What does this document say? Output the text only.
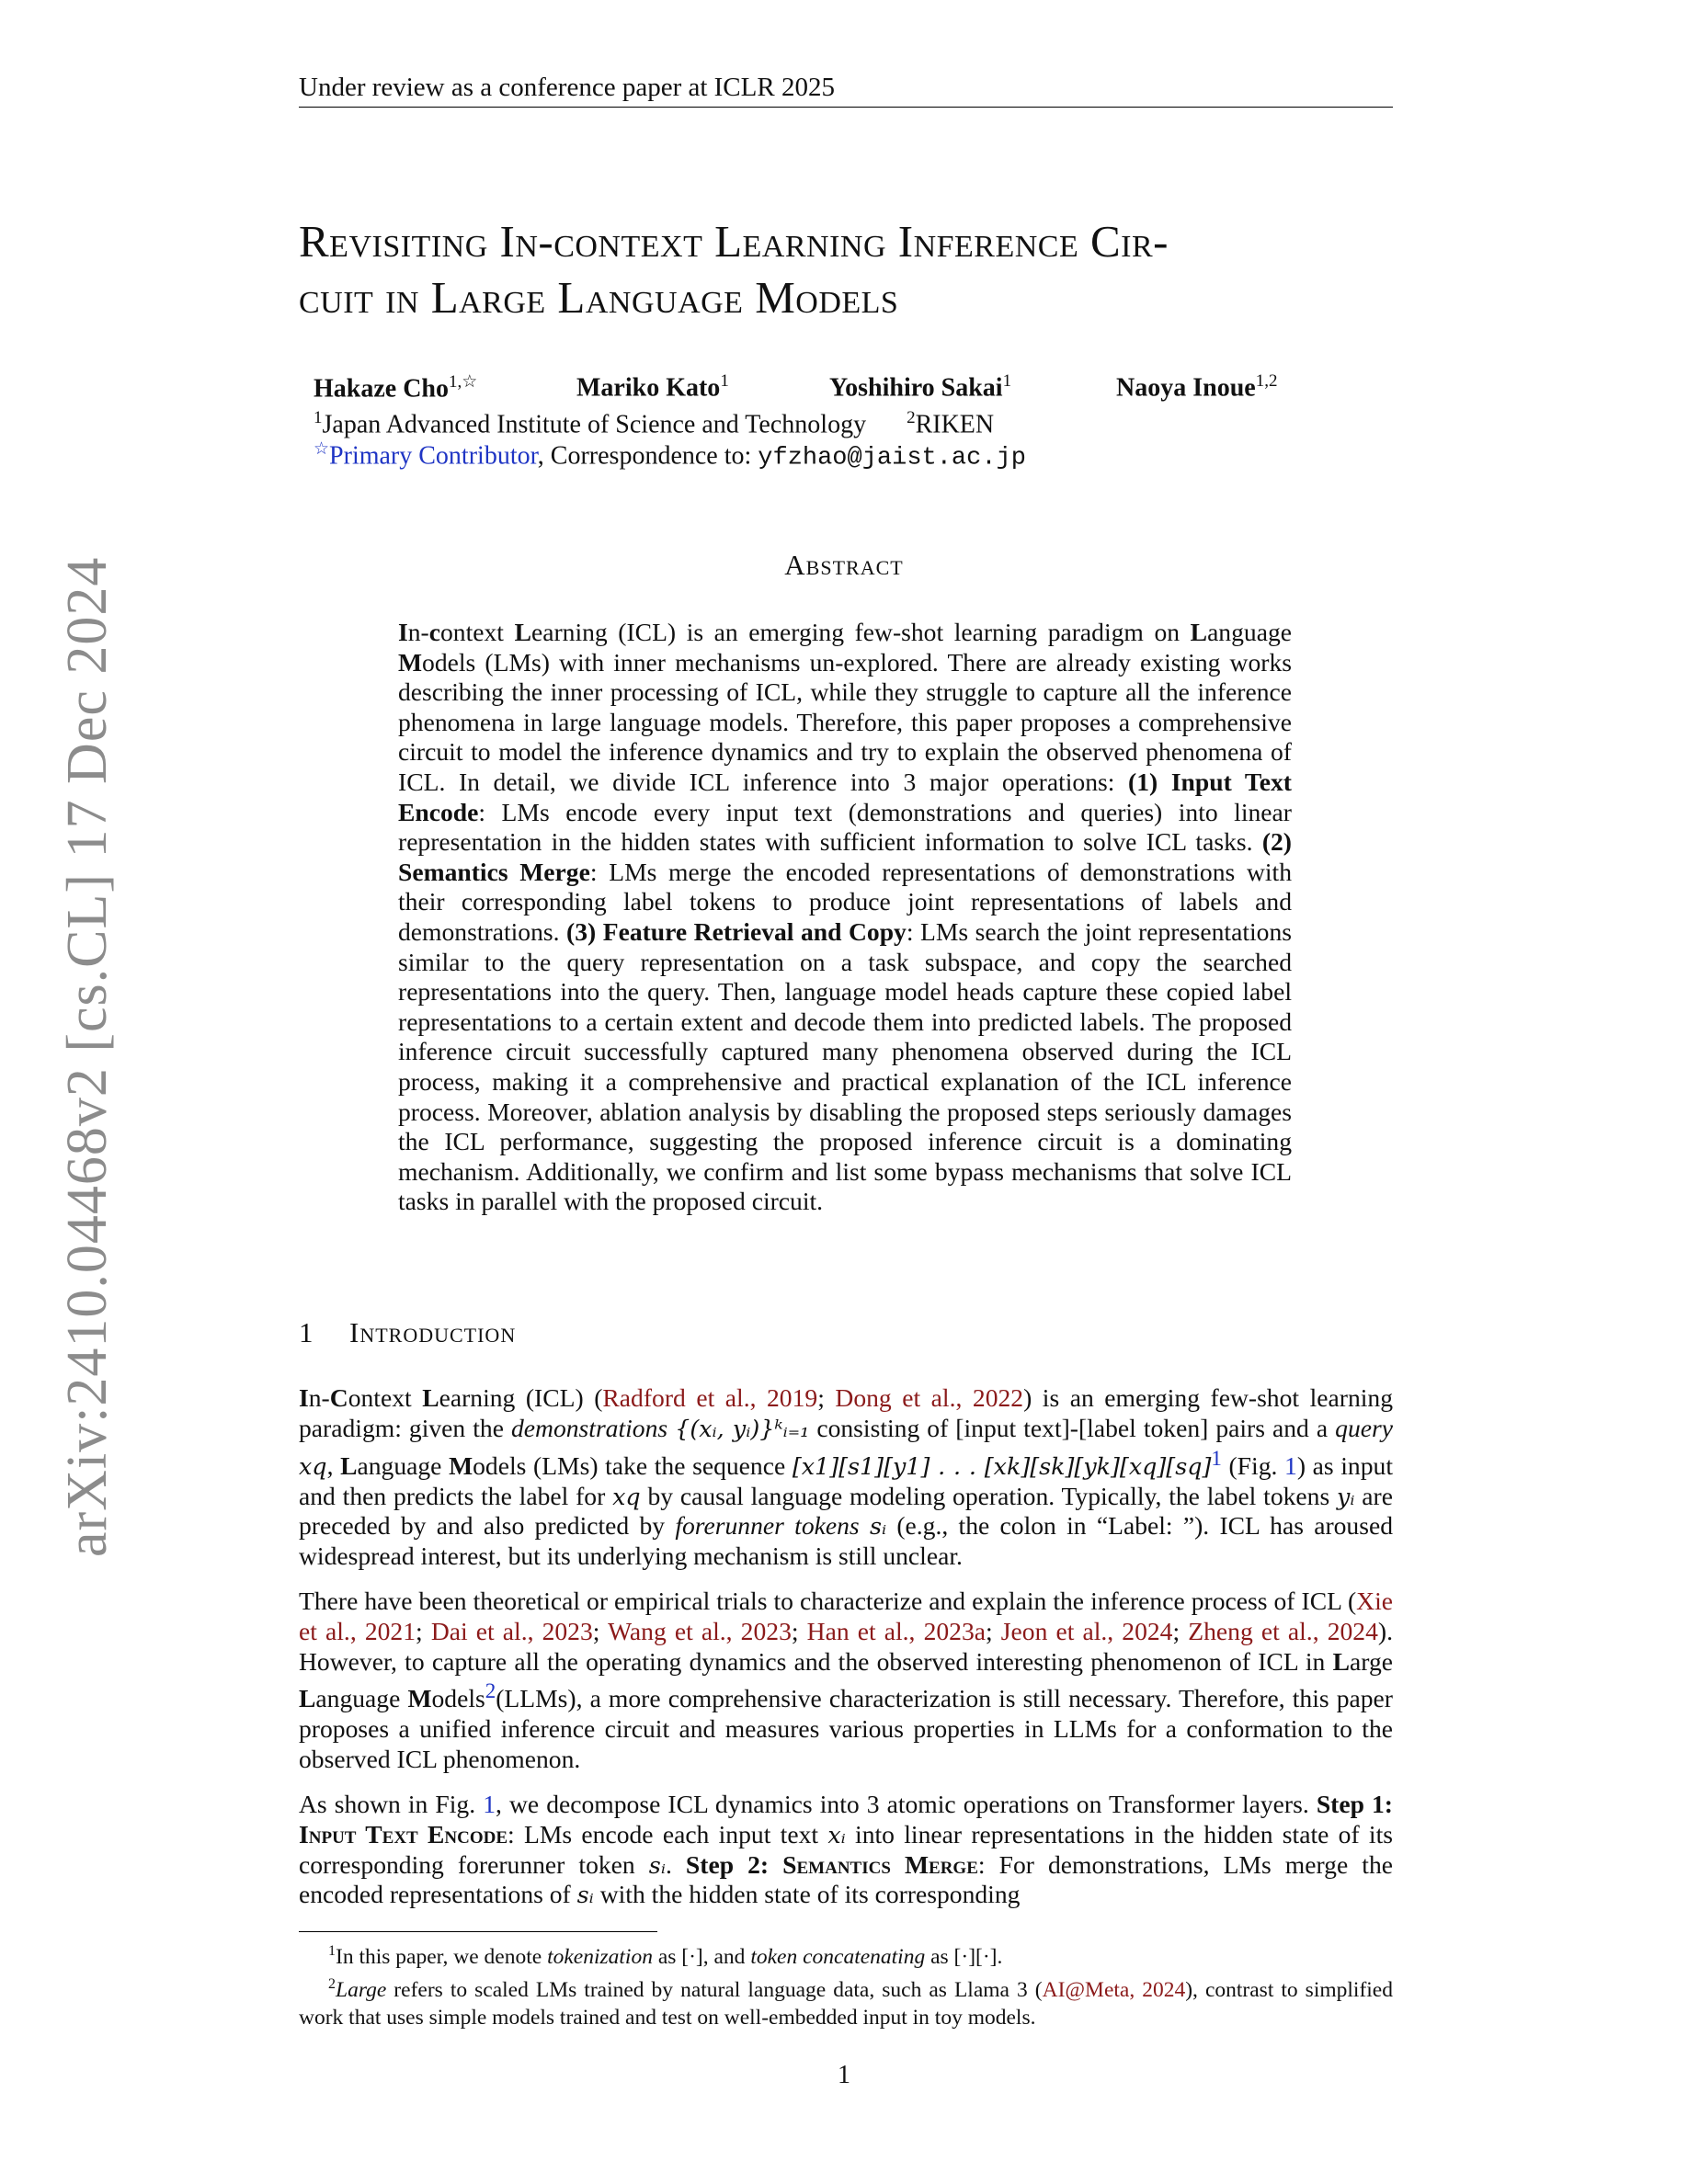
Under review as a conference paper at ICLR 2025
Revisiting In-context Learning Inference Cir-
cuit in Large Language Models
Hakaze Cho$^{1,☆}$	Mariko Kato$^1$	Yoshihiro Sakai$^1$	Naoya Inoue$^{1,2}$
$^1$Japan Advanced Institute of Science and Technology $^2$RIKEN
☆Primary Contributor, Correspondence to: yfzhao@jaist.ac.jp
arXiv:2410.04468v2 [cs.CL] 17 Dec 2024	Abstract
In-context Learning (ICL) is an emerging few-shot learning paradigm on Language Models (LMs) with inner mechanisms un-explored. There are already existing works describing the inner processing of ICL, while they struggle to capture all the inference phenomena in large language models. Therefore, this paper proposes a comprehensive circuit to model the inference dynamics and try to explain the observed phenomena of ICL. In detail, we divide ICL inference into 3 major operations: (1) Input Text Encode: LMs encode every input text (demonstrations and queries) into linear representation in the hidden states with sufficient information to solve ICL tasks. (2) Semantics Merge: LMs merge the encoded representations of demonstrations with their corresponding label tokens to produce joint representations of labels and demonstrations. (3) Feature Retrieval and Copy: LMs search the joint representations similar to the query representation on a task subspace, and copy the searched representations into the query. Then, language model heads capture these copied label representations to a certain extent and decode them into predicted labels. The proposed inference circuit successfully captured many phenomena observed during the ICL process, making it a comprehensive and practical explanation of the ICL inference process. Moreover, ablation analysis by disabling the proposed steps seriously damages the ICL performance, suggesting the proposed inference circuit is a dominating mechanism. Additionally, we confirm and list some bypass mechanisms that solve ICL tasks in parallel with the proposed circuit.
1 Introduction

In-Context Learning (ICL) (Radford et al., 2019; Dong et al., 2022) is an emerging few-shot learning paradigm: given the demonstrations {(xᵢ, yᵢ)}ᵏᵢ₌₁ consisting of [input text]-[label token] pairs and a query xq, Language Models (LMs) take the sequence [x1][s1][y1] . . . [xk][sk][yk][xq][sq]$^1$ (Fig. 1) as input and then predicts the label for xq by causal language modeling operation. Typically, the label tokens yᵢ are preceded by and also predicted by forerunner tokens sᵢ (e.g., the colon in “Label: ”). ICL has aroused widespread interest, but its underlying mechanism is still unclear.

There have been theoretical or empirical trials to characterize and explain the inference process of ICL (Xie et al., 2021; Dai et al., 2023; Wang et al., 2023; Han et al., 2023a; Jeon et al., 2024; Zheng et al., 2024). However, to capture all the operating dynamics and the observed interesting phenomenon of ICL in Large Language Models$^2$(LLMs), a more comprehensive characterization is still necessary. Therefore, this paper proposes a unified inference circuit and measures various properties in LLMs for a conformation to the observed ICL phenomenon.

As shown in Fig. 1, we decompose ICL dynamics into 3 atomic operations on Transformer layers. Step 1: Input Text Encode: LMs encode each input text xᵢ into linear representations in the hidden state of its corresponding forerunner token sᵢ. Step 2: Semantics Merge: For demonstrations, LMs merge the encoded representations of sᵢ with the hidden state of its corresponding

$^1$In this paper, we denote tokenization as [·], and token concatenating as [·][·].

$^2$Large refers to scaled LMs trained by natural language data, such as Llama 3 (AI@Meta, 2024), contrast to simplified work that uses simple models trained and test on well-embedded input in toy models.

1
